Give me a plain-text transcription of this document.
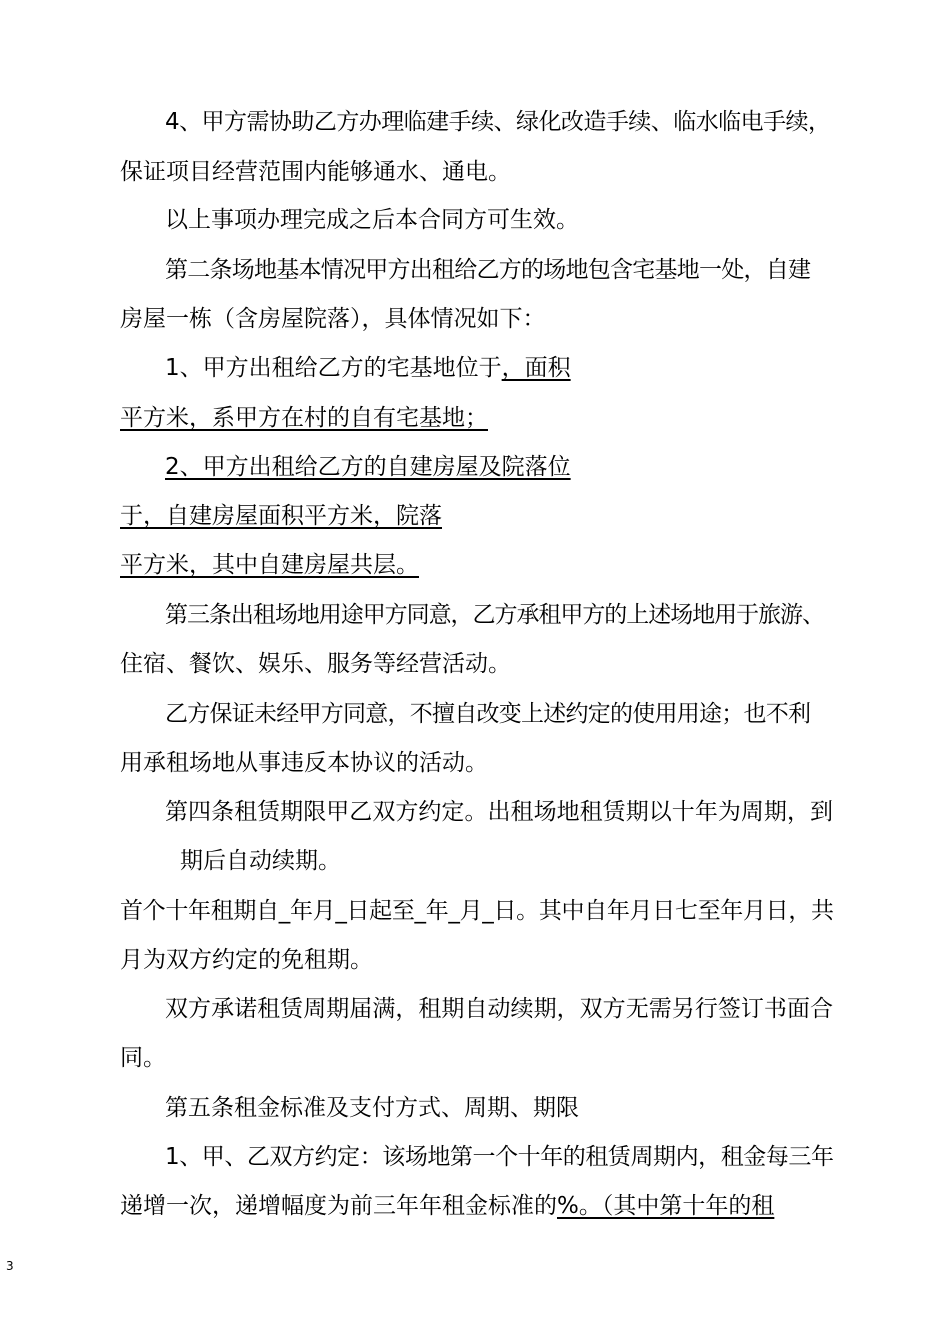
4、甲方需协助乙方办理临建手续、绿化改造手续、临水临电手续，

保证项目经营范围内能够通水、通电。

以上事项办理完成之后本合同方可生效。

第二条场地基本情况甲方出租给乙方的场地包含宅基地一处，自建

房屋一栋（含房屋院落），具体情况如下：

1、甲方出租给乙方的宅基地位于，面积

平方米，系甲方在村的自有宅基地；

2、甲方出租给乙方的自建房屋及院落位

于，自建房屋面积平方米，院落

平方米，其中自建房屋共层。

第三条出租场地用途甲方同意，乙方承租甲方的上述场地用于旅游、

住宿、餐饮、娱乐、服务等经营活动。

乙方保证未经甲方同意，不擅自改变上述约定的使用用途；也不利

用承租场地从事违反本协议的活动。

第四条租赁期限甲乙双方约定。出租场地租赁期以十年为周期，到

期后自动续期。

首个十年租期自_年月_日起至_年_月_日。其中自年月日七至年月日，共

月为双方约定的免租期。

双方承诺租赁周期届满，租期自动续期，双方无需另行签订书面合

同。

第五条租金标准及支付方式、周期、期限

1、甲、乙双方约定：该场地第一个十年的租赁周期内，租金每三年

递增一次，递增幅度为前三年年租金标准的%。（其中第十年的租

3
